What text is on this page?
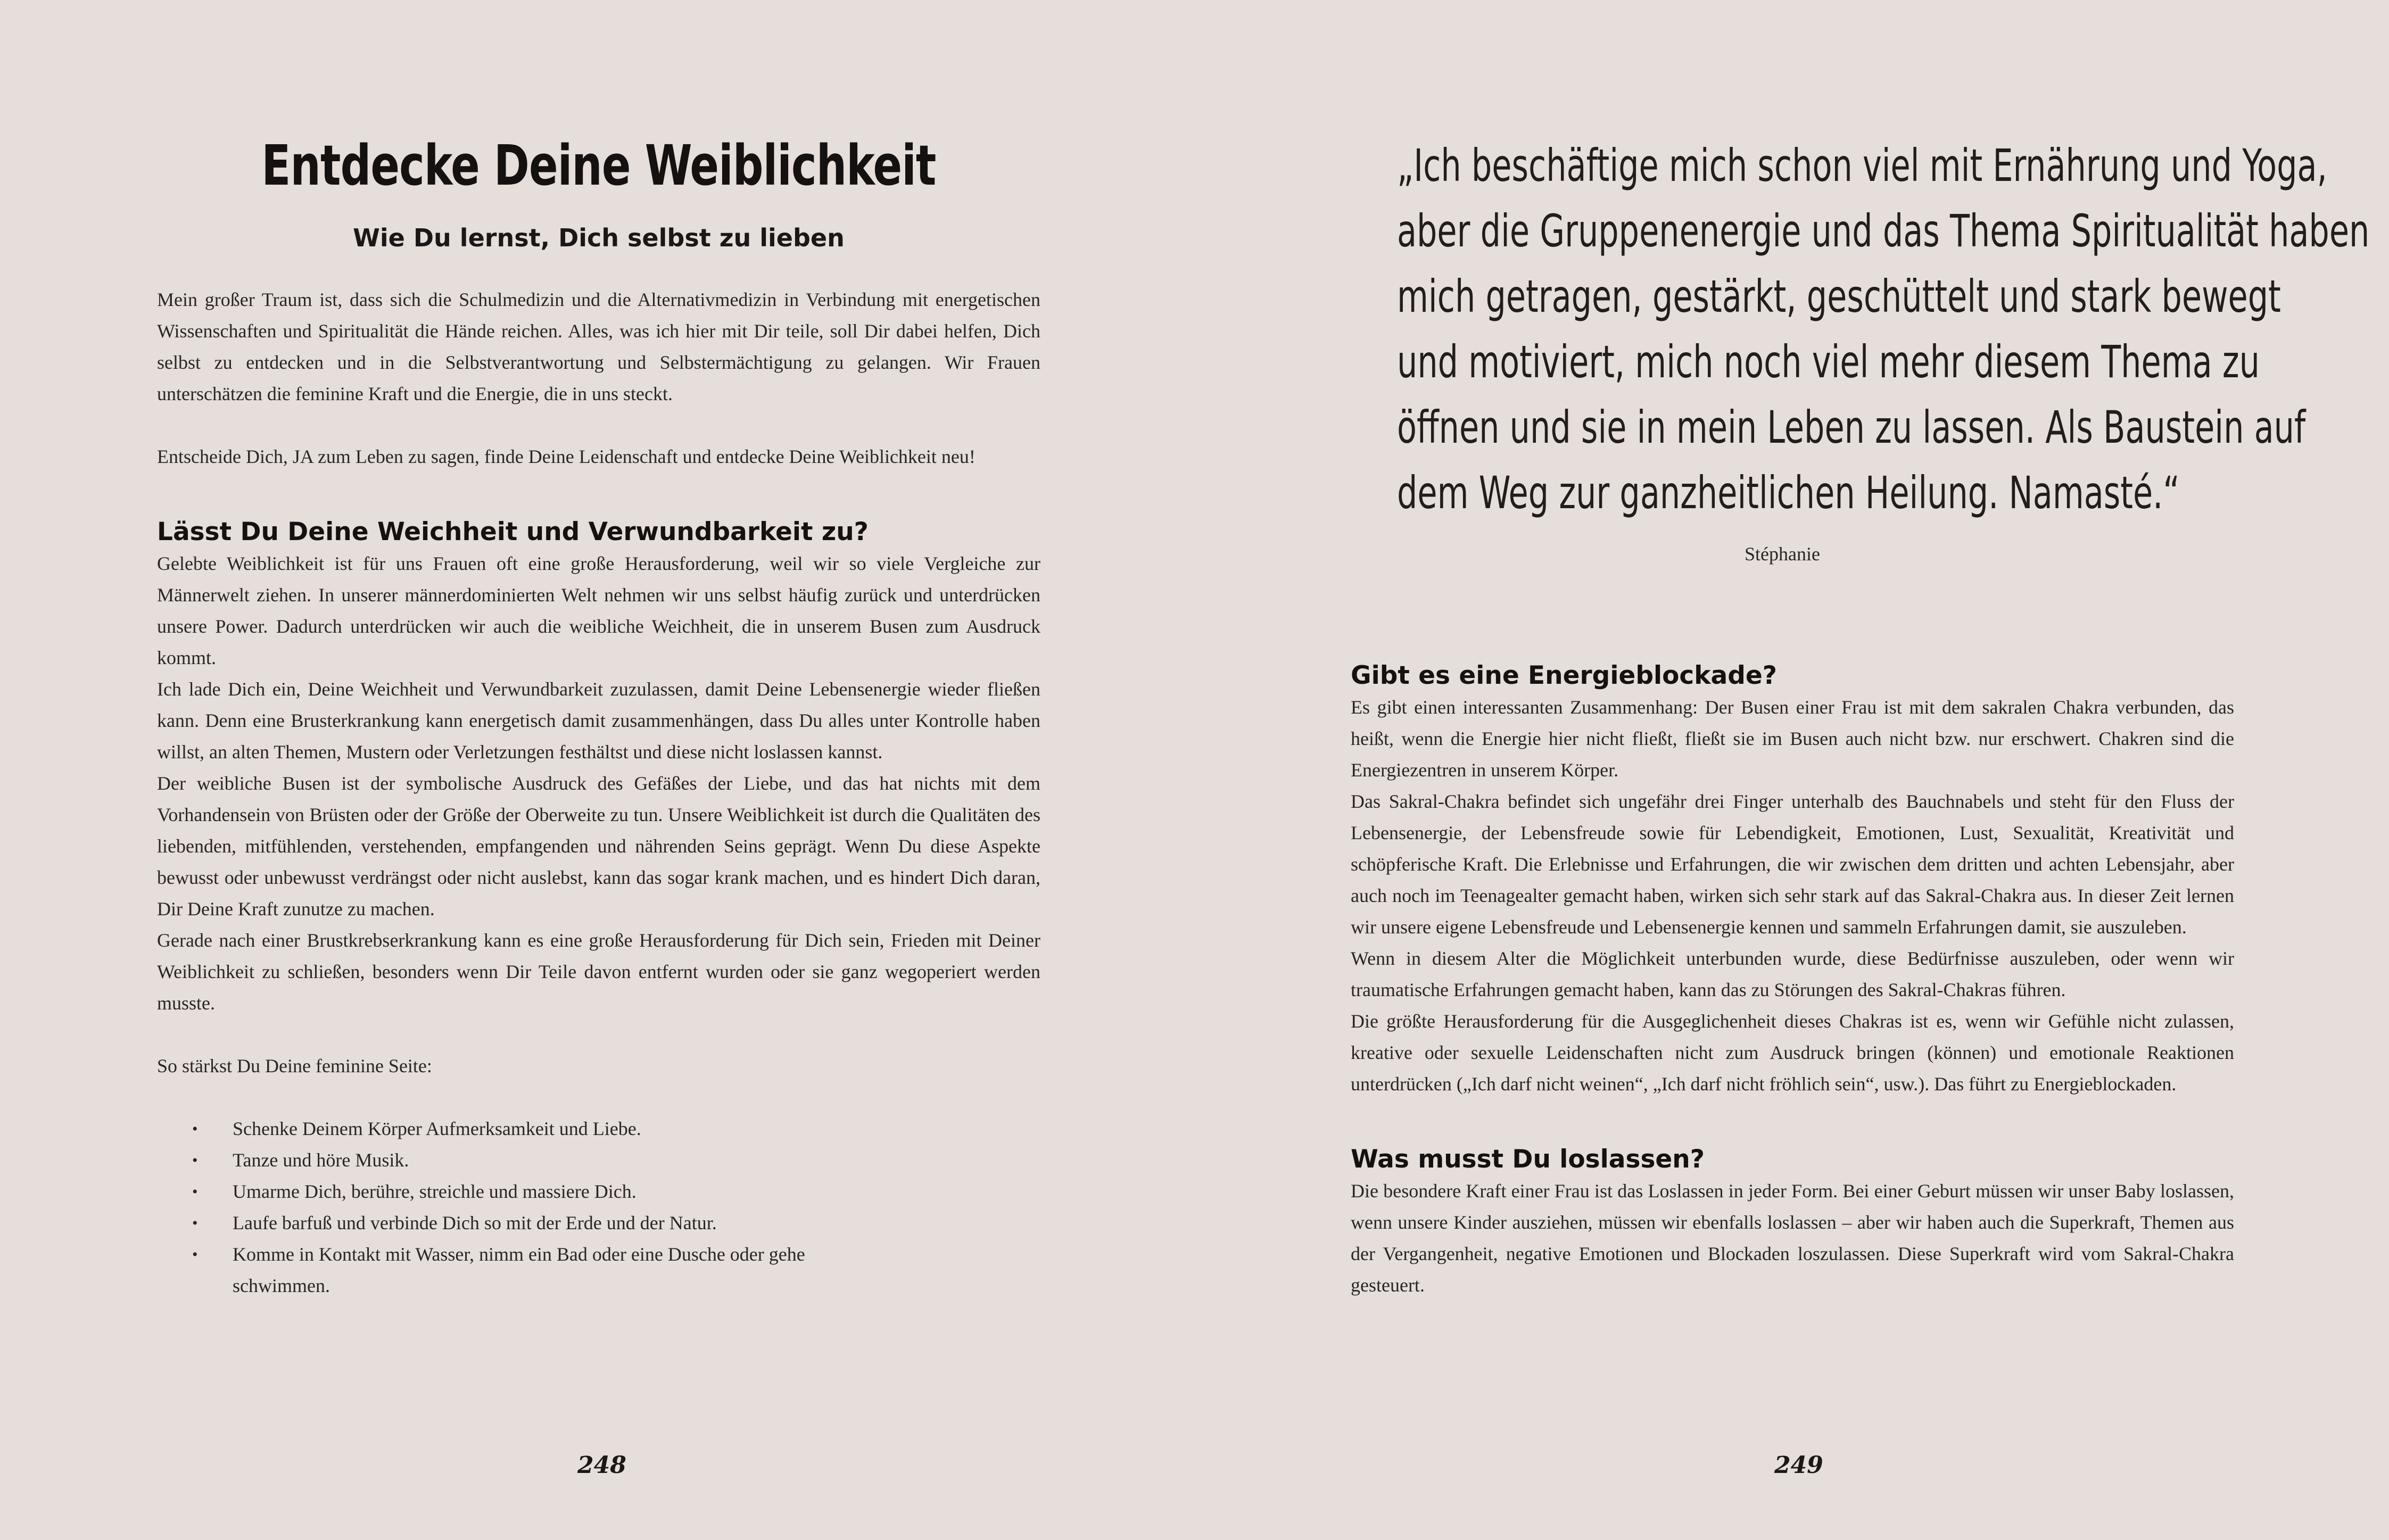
Entdecke Deine Weiblichkeit
Wie Du lernst, Dich selbst zu lieben

Mein großer Traum ist, dass sich die Schulmedizin und die Alternativmedizin in Verbindung mit energetischen Wissenschaften und Spiritualität die Hände reichen. Alles, was ich hier mit Dir teile, soll Dir dabei helfen, Dich selbst zu entdecken und in die Selbstverantwortung und Selbstermächtigung zu gelangen. Wir Frauen unterschätzen die feminine Kraft und die Energie, die in uns steckt.

Entscheide Dich, JA zum Leben zu sagen, finde Deine Leidenschaft und entdecke Deine Weiblichkeit neu!

Lässt Du Deine Weichheit und Verwundbarkeit zu?

Gelebte Weiblichkeit ist für uns Frauen oft eine große Herausforderung, weil wir so viele Vergleiche zur Männerwelt ziehen. In unserer männerdominierten Welt nehmen wir uns selbst häufig zurück und unterdrücken unsere Power. Dadurch unterdrücken wir auch die weibliche Weichheit, die in unserem Busen zum Ausdruck kommt.

Ich lade Dich ein, Deine Weichheit und Verwundbarkeit zuzulassen, damit Deine Lebensenergie wieder fließen kann. Denn eine Brusterkrankung kann energetisch damit zusammenhängen, dass Du alles unter Kontrolle haben willst, an alten Themen, Mustern oder Verletzungen festhältst und diese nicht loslassen kannst.

Der weibliche Busen ist der symbolische Ausdruck des Gefäßes der Liebe, und das hat nichts mit dem Vorhandensein von Brüsten oder der Größe der Oberweite zu tun. Unsere Weiblichkeit ist durch die Qualitäten des liebenden, mitfühlenden, verstehenden, empfangenden und nährenden Seins geprägt. Wenn Du diese Aspekte bewusst oder unbewusst verdrängst oder nicht auslebst, kann das sogar krank machen, und es hindert Dich daran, Dir Deine Kraft zunutze zu machen.

Gerade nach einer Brustkrebserkrankung kann es eine große Herausforderung für Dich sein, Frieden mit Deiner Weiblichkeit zu schließen, besonders wenn Dir Teile davon entfernt wurden oder sie ganz wegoperiert werden musste.

So stärkst Du Deine feminine Seite:

• Schenke Deinem Körper Aufmerksamkeit und Liebe.
• Tanze und höre Musik.
• Umarme Dich, berühre, streichle und massiere Dich.
• Laufe barfuß und verbinde Dich so mit der Erde und der Natur.
• Komme in Kontakt mit Wasser, nimm ein Bad oder eine Dusche oder gehe schwimmen.
248
„Ich beschäftige mich schon viel mit Ernährung und Yoga,
aber die Gruppenenergie und das Thema Spiritualität haben
mich getragen, gestärkt, geschüttelt und stark bewegt
und motiviert, mich noch viel mehr diesem Thema zu
öffnen und sie in mein Leben zu lassen. Als Baustein auf
dem Weg zur ganzheitlichen Heilung. Namasté.“
Stéphanie
Gibt es eine Energieblockade?

Es gibt einen interessanten Zusammenhang: Der Busen einer Frau ist mit dem sakralen Chakra verbunden, das heißt, wenn die Energie hier nicht fließt, fließt sie im Busen auch nicht bzw. nur erschwert. Chakren sind die Energiezentren in unserem Körper.

Das Sakral-Chakra befindet sich ungefähr drei Finger unterhalb des Bauchnabels und steht für den Fluss der Lebensenergie, der Lebensfreude sowie für Lebendigkeit, Emotionen, Lust, Sexualität, Kreativität und schöpferische Kraft. Die Erlebnisse und Erfahrungen, die wir zwischen dem dritten und achten Lebensjahr, aber auch noch im Teenagealter gemacht haben, wirken sich sehr stark auf das Sakral-Chakra aus. In dieser Zeit lernen wir unsere eigene Lebensfreude und Lebensenergie kennen und sammeln Erfahrungen damit, sie auszuleben.

Wenn in diesem Alter die Möglichkeit unterbunden wurde, diese Bedürfnisse auszuleben, oder wenn wir traumatische Erfahrungen gemacht haben, kann das zu Störungen des Sakral-Chakras führen.

Die größte Herausforderung für die Ausgeglichenheit dieses Chakras ist es, wenn wir Gefühle nicht zulassen, kreative oder sexuelle Leidenschaften nicht zum Ausdruck bringen (können) und emotionale Reaktionen unterdrücken („Ich darf nicht weinen“, „Ich darf nicht fröhlich sein“, usw.). Das führt zu Energieblockaden.

Was musst Du loslassen?

Die besondere Kraft einer Frau ist das Loslassen in jeder Form. Bei einer Geburt müssen wir unser Baby loslassen, wenn unsere Kinder ausziehen, müssen wir ebenfalls loslassen – aber wir haben auch die Superkraft, Themen aus der Vergangenheit, negative Emotionen und Blockaden loszulassen. Diese Superkraft wird vom Sakral-Chakra gesteuert.

249
